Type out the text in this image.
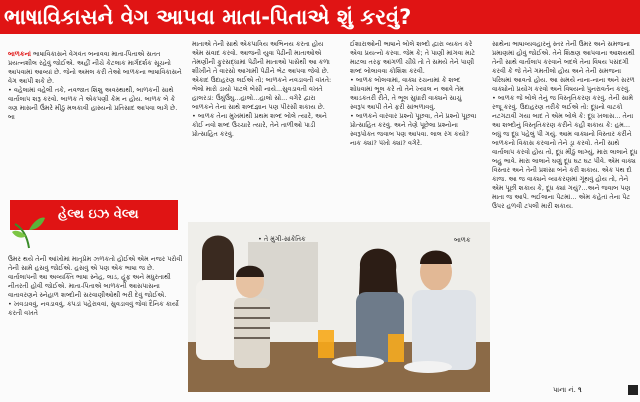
ભાષાવિકાસને વેગ આપવા માતા-પિતાએ શું કરવું?

બાળકનાં ભાષાવિકાસને વેગવંત બનાવવા માતા-પિતાએ સતત પ્રયત્નશીલ રહેવું જોઈએ. અહીં નીચે કેટલાક માર્ગદર્શક સૂચનો આપવામાં આવ્યાં છે. જેનો અમલ કરી તેઓ બાળકના ભાષાવિકાસને વેગ આપી શકે છે.

• વહેલામાં વહેલી તકે, નવજાત શિશુ અવસ્થાથી, બાળકની સાથે વાર્તાલાપ શરૂ કરવો. બાળક તે એકપણી કેમ ન હોય. બાળક બે કે ત્રણ માસની ઉંમરે મીઠું મલકાવી હાસ્યનો પ્રતિસાદ આપવા લાગે છે. બા

હેલ્થ ઇઝ વેલ્થ

ઉંમર થયે તેની આંખોમાં માતૃપ્રેમ ઝળકતો હોઈએ એમ નજર પરોવી તેની સામે હસવું જોઈએ. હસવું એ પણ એક ભાષા જ છે. વાર્તાલાપની આ અવ્યક્તિ ભાષા સ્નેહ, લાડ, હૂંફ અને મધુરતાથી નીતરતી હોવી જોઈએ. માતા-પિતાએ બાળકની આસપાસના વાતાવરણને સ્નેહાળ શબ્દોની સરવાણીઓથી ભરી દેવું જોઈએ.

• ખવડાવવું, નવડાવવું, કપડાં પહેરાવવાં, સુવડાવવું જેવાં દૈનિક કાર્યો કરતી વખતે

માતાએ તેની સાથે એકપાત્રિય અભિનય કરતા હોય એમ સંવાદ કરવો. આજની યુવા પેઢીની માતાઓએ તેમણીની ફુરસદ્ધામાં પેઢીની માતાઓ પાસેથી આ કળા શીખીને તે વારસો આગામી પેઢીને ભેટ આપવા જેવો છે. એકાદ ઉદાહરણ લઈએ તો; બાળકને નવડાવતી વખતે: ભેલો મારો ડાયો પાટલે બેસી નાયે...સુવડાવતી વખતે હાલરડાં: ઉંઘુંઉંઘુ...હાલો...હાલો સો... વગેરે દ્વારા બાળકને તેના સાથે શબ્દજ્ઞાન પણ પીરસી શકાય છે.

• બાળક તેના મુખમાંથી પ્રથમ શબ્દ બોલે ત્યારે, અને કોઈ નવો શબ્દ ઉચ્ચારે ત્યારે, તેને તાળીઓ પાડી પ્રોત્સાહિત કરવું.

ઈશારાઓની ભાષાને બોલે શબ્દો દ્વારા વ્યક્ત કરે એવા પ્રયત્નો કરવા. જેમ કે; તે પાણી માંગવા માટે માટલા તરફ આંગળી ચીંધે તો તે સમયે તેને પાણી શબ્દ બોલાવવા કોશિશ કરવી.

• બાળક બોલવામાં, વાક્ય રચનામાં કે શબ્દ શોધવામાં ભૂલ કરે તો તેને ખ્યાલ ન આવે તેમ આડકતરી રીતે, તે ભૂલ સુધારી વાક્યને સાચું સ્વરૂપ આપી તેને ફરી સાંભળાવવું.

• બાળકને વારંવાર પ્રશ્નો પૂછવા, તેને પ્રશ્નો પૂછવા પ્રોત્સાહિત કરવું. અને તેણે પૂછેલા પ્રશ્નોના સ્વરૂપોક્ત જવાબ પણ આપવા. લાલ રંગ કયો? નાક ક્યાં? પંખો ક્યાં? વગેરે.

સાથેના ભાષાવ્યવહારનું સ્તર તેની ઉંમર અને સમજના પ્રમાણમાં હોવું જોઈએ. તેને શિક્ષણ આપવાના આશયથી તેની સાથે વાર્તાલાપ કરવાને બદલે તેના વિષય પસંદગી કરવી કે જે તેને ગમતીલો હોય અને તેની સમજના પરિઘમાં આવતો હોય. આ સમયે નાના-નાના અને સરળ વાક્યોનો પ્રયોગ કરવો અને વિષયનો પુનરાવર્તન કરવું.

• બાળક જે બોલે તેનું જ વિસ્તૃતિકરણ કરવું. તેની સામે રજૂ કરવું. ઉદાહરણ તરીકે લઈએ તો: દૂધનો વાટકો નટગટાવી ગયા બાદ તે એમ બોલે કે: દૂધ ખલાસ... તેના આ શબ્દોનું વિસ્તૃતિકરણ કરીને કહી શકાય કે: હમ... બધું જ દૂધ પહેલું પી ગયું. આમ વાક્યનો વિસ્તાર કરીને બાળકનો વિકાસ કરવાનો તેને ડ્રા કરવો. તેની સાથે વાર્તાલાપ કરવો હોય તો, દૂધ મીઠું લાગ્યું, મારા લાલાને દૂધ બહુ ભાવે. મારા લાલાને ઘણું દૂધ ઘટ ઘટ પીવે. એમ વાક્ય વિસ્તાર અને તેની પ્રશંસા બંને કરી શકાય. એક પંથ દો કાજ. આ જ વાક્યને વ્યાકરણમાં ગૂંથવું હોય તો, તેને એમ પૂછી શકાય કે, દૂધ ક્યાં ગયું?...અને જવાબ પણ માતા જ આપે. ભઈલાના પેટમાં... એમ કહેતાં તેના પેટ ઉપર હળવી ટપલી મારી શકાય.

• તે મુંગી-સાંકેતિક	બાળક
પાના નં. ૧
